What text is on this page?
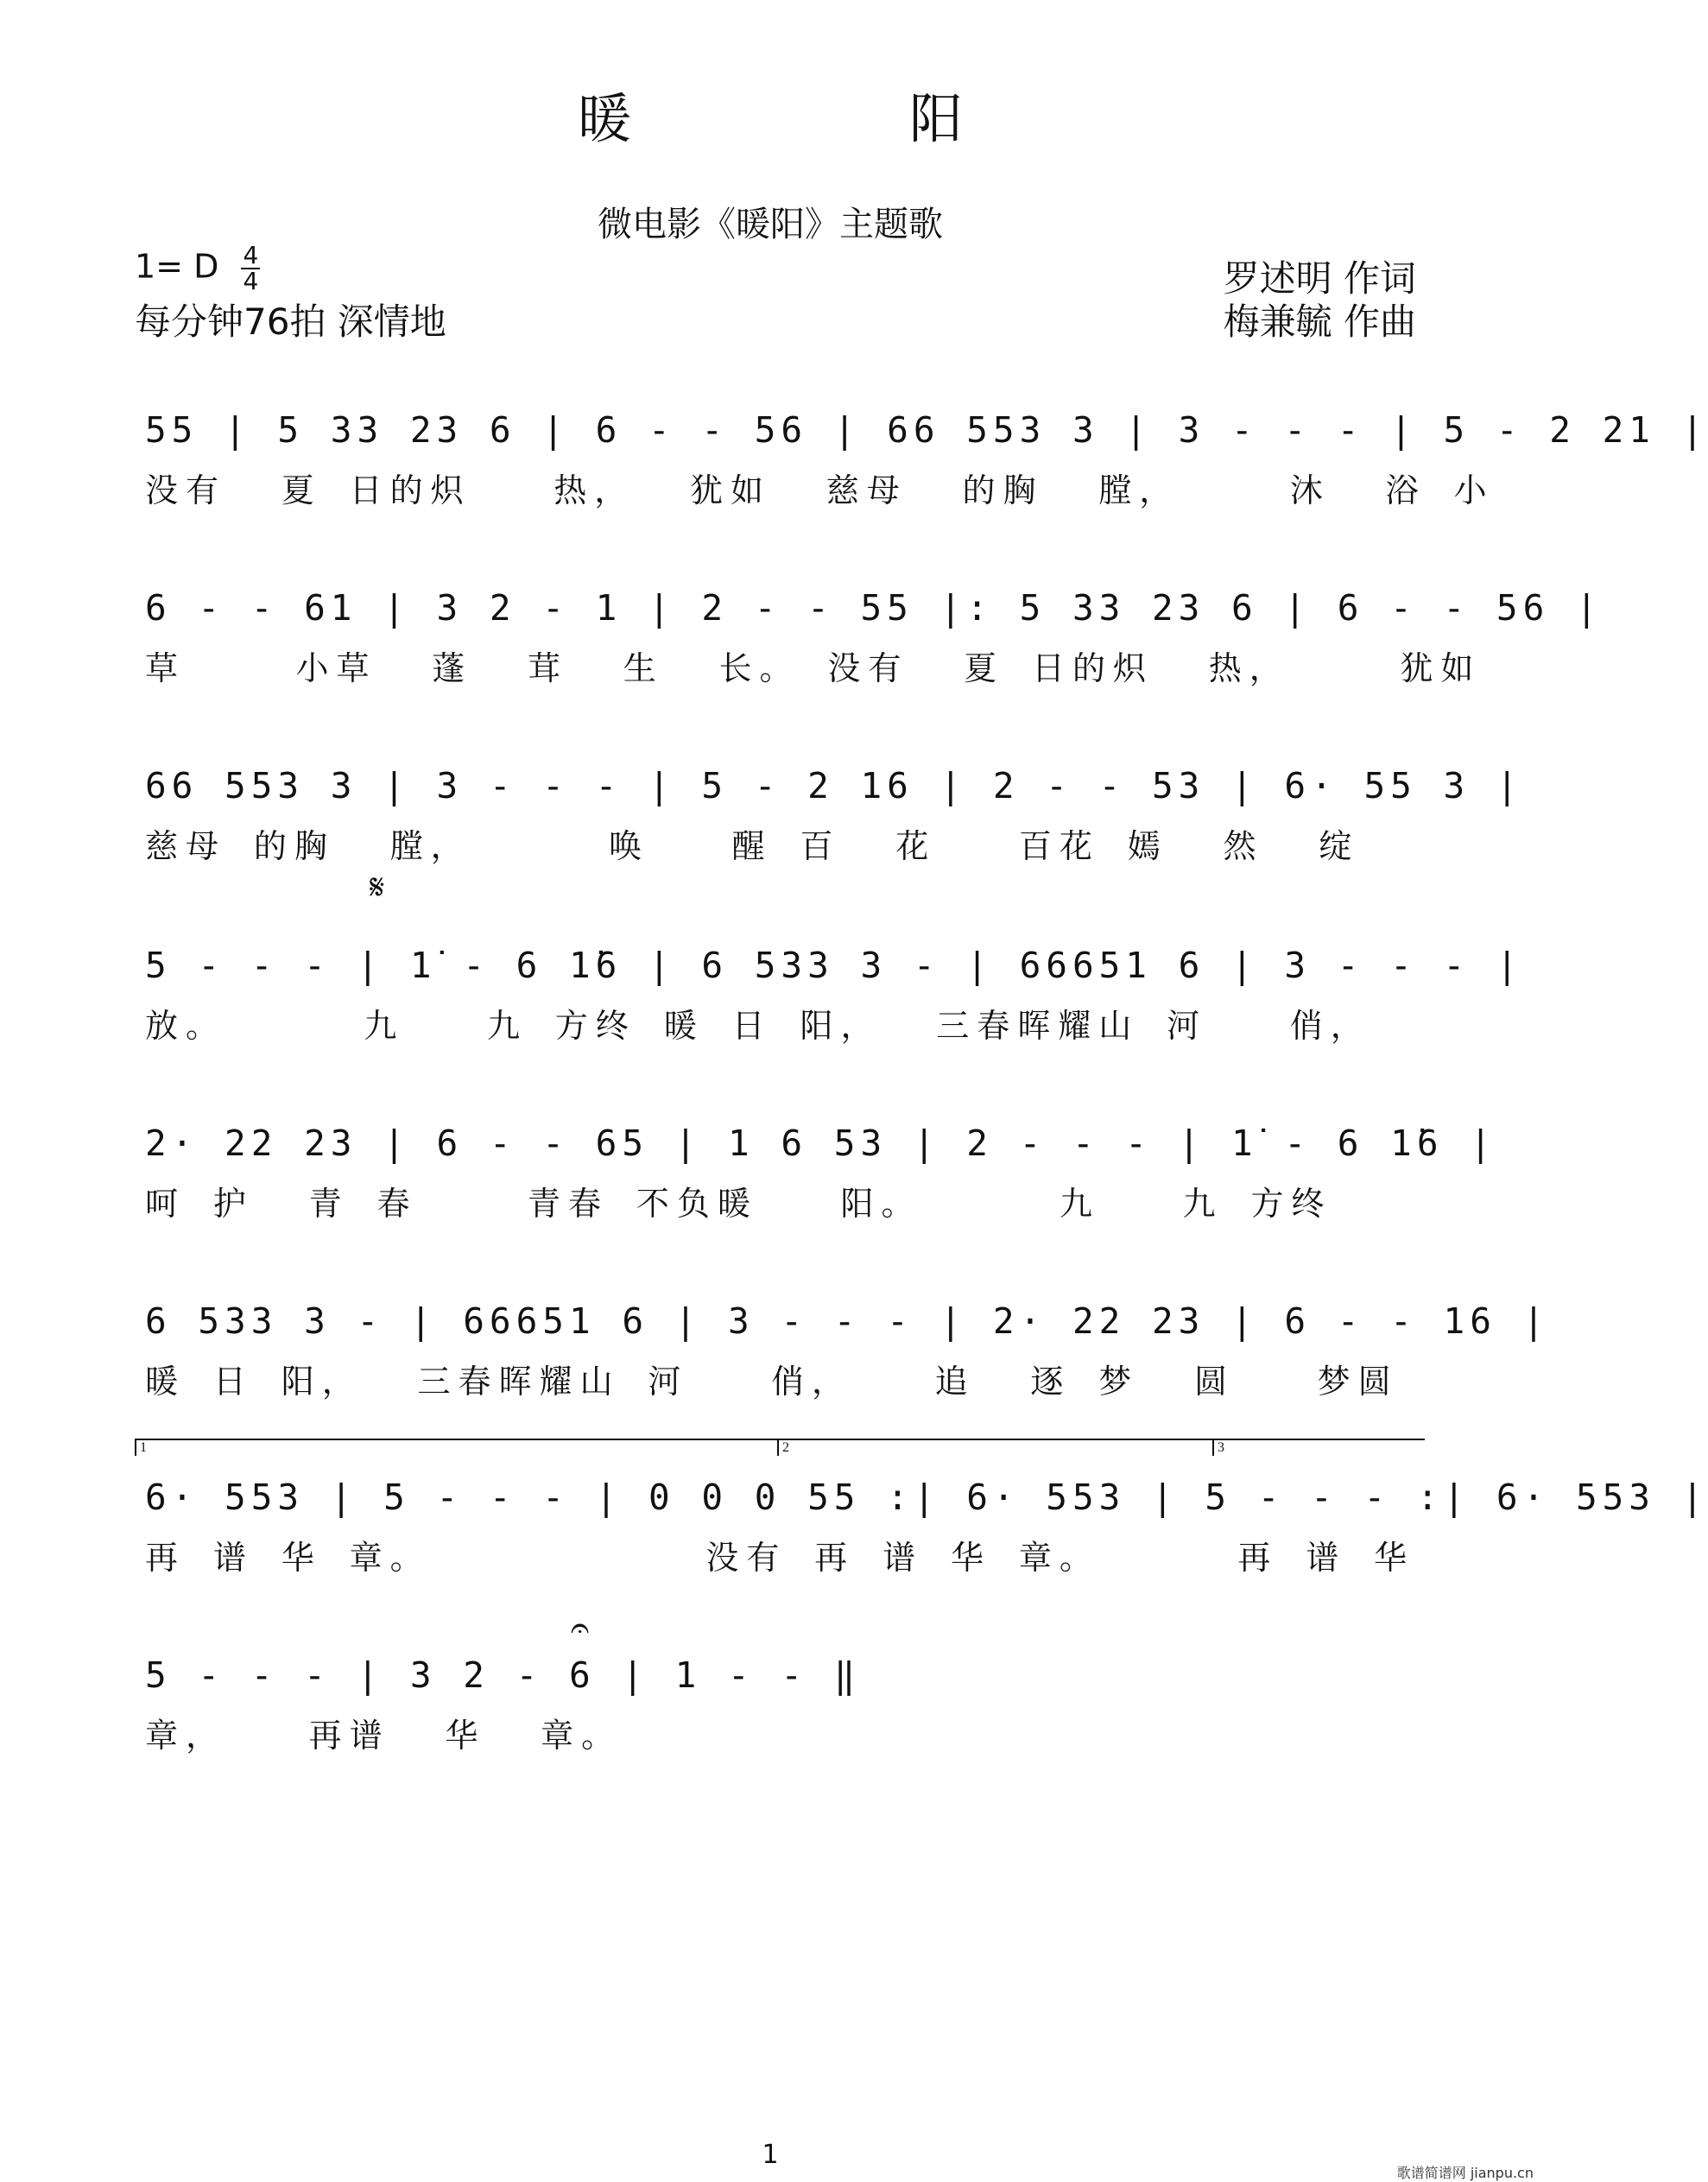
暖　阳
微电影《暖阳》主题歌
1= D $\frac{4}{4}$
每分钟76拍 深情地
罗述明 作词
梅兼毓 作曲
55 | 5 33 23 6 | 6 - - 56 | 66 553 3 | 3 - - - | 5 - 2 21 |
没有  夏 日的炽   热，  犹如  慈母  的胸  膛，    沐  浴 小
6 - - 61 | 3 2 - 1 | 2 - - 55 |: 5 33 23 6 | 6 - - 56 |
草    小草  蓬  茸  生  长。 没有  夏 日的炽  热，    犹如
66 553 3 | 3 - - - | 5 - 2 16 | 2 - - 53 | 6· 55 3 |
慈母 的胸  膛，     唤   醒 百  花   百花 嫣  然  绽
𝄋
5 - - - | 1̇ - 6 1̇6 | 6 533 3 - | 66651 6 | 3 - - - |
放。     九   九 方终 暖 日 阳，  三春晖耀山 河   俏，
2· 22 23 | 6 - - 65 | 1 6 53 | 2 - - - | 1̇ - 6 1̇6 |
呵 护  青 春    青春 不负暖   阳。     九   九 方终
6 533 3 - | 66651 6 | 3 - - - | 2· 22 23 | 6 - - 16 |
暖 日 阳，  三春晖耀山 河   俏，   追  逐 梦  圆   梦圆
1	2	3
6· 553 | 5 - - - | 0 0 0 55 :| 6· 553 | 5 - - - :| 6· 553 |
再 谱 华 章。          没有 再 谱 华 章。     再 谱 华
𝄐
5 - - - | 3 2 - 6 | 1 - - ‖
章，   再谱  华  章。
1
歌谱简谱网 jianpu.cn
